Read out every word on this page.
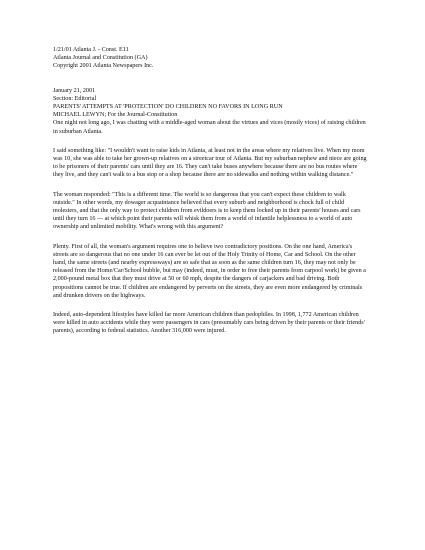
1/21/01 Atlanta J. - Const. E11

Atlanta Journal and Constitution (GA)

Copyright 2001 Atlanta Newspapers Inc.

January 21, 2001

Section: Editorial

PARENTS' ATTEMPTS AT 'PROTECTION' DO CHILDREN NO FAVORS IN LONG RUN

MICHAEL LEWYN; For the Journal-Constitution

One night not long ago, I was chatting with a middle-aged woman about the virtues and vices (mostly vices) of raising children in suburban Atlanta.

I said something like: "I wouldn't want to raise kids in Atlanta, at least not in the areas where my relatives live. When my mom was 10, she was able to take her grown-up relatives on a streetcar tour of Atlanta. But my suburban nephew and niece are going to be prisoners of their parents' cars until they are 16. They can't take buses anywhere because there are no bus routes where they live, and they can't walk to a bus stop or a shop because there are no sidewalks and nothing within walking distance."

The woman responded: "This is a different time. The world is so dangerous that you can't expect these children to walk outside." In other words, my dowager acquaintance believed that every suburb and neighborhood is chock full of child molesters, and that the only way to protect children from evildoers is to keep them locked up in their parents' houses and cars until they turn 16 — at which point their parents will whisk them from a world of infantile helplessness to a world of auto ownership and unlimited mobility. What's wrong with this argument?

Plenty. First of all, the woman's argument requires one to believe two contradictory positions. On the one hand, America's streets are so dangerous that no one under 16 can ever be let out of the Holy Trinity of Home, Car and School. On the other hand, the same streets (and nearby expressways) are so safe that as soon as the same children turn 16, they may not only be released from the Home/Car/School bubble, but may (indeed, must, in order to free their parents from carpool work) be given a 2,000-pound metal box that they must drive at 50 or 60 mph, despite the dangers of carjackers and bad driving. Both propositions cannot be true. If children are endangered by perverts on the streets, they are even more endangered by criminals and drunken drivers on the highways.

Indeed, auto-dependent lifestyles have killed far more American children than pedophiles. In 1998, 1,772 American children were killed in auto accidents while they were passengers in cars (presumably cars being driven by their parents or their friends' parents), according to federal statistics. Another 316,000 were injured.
